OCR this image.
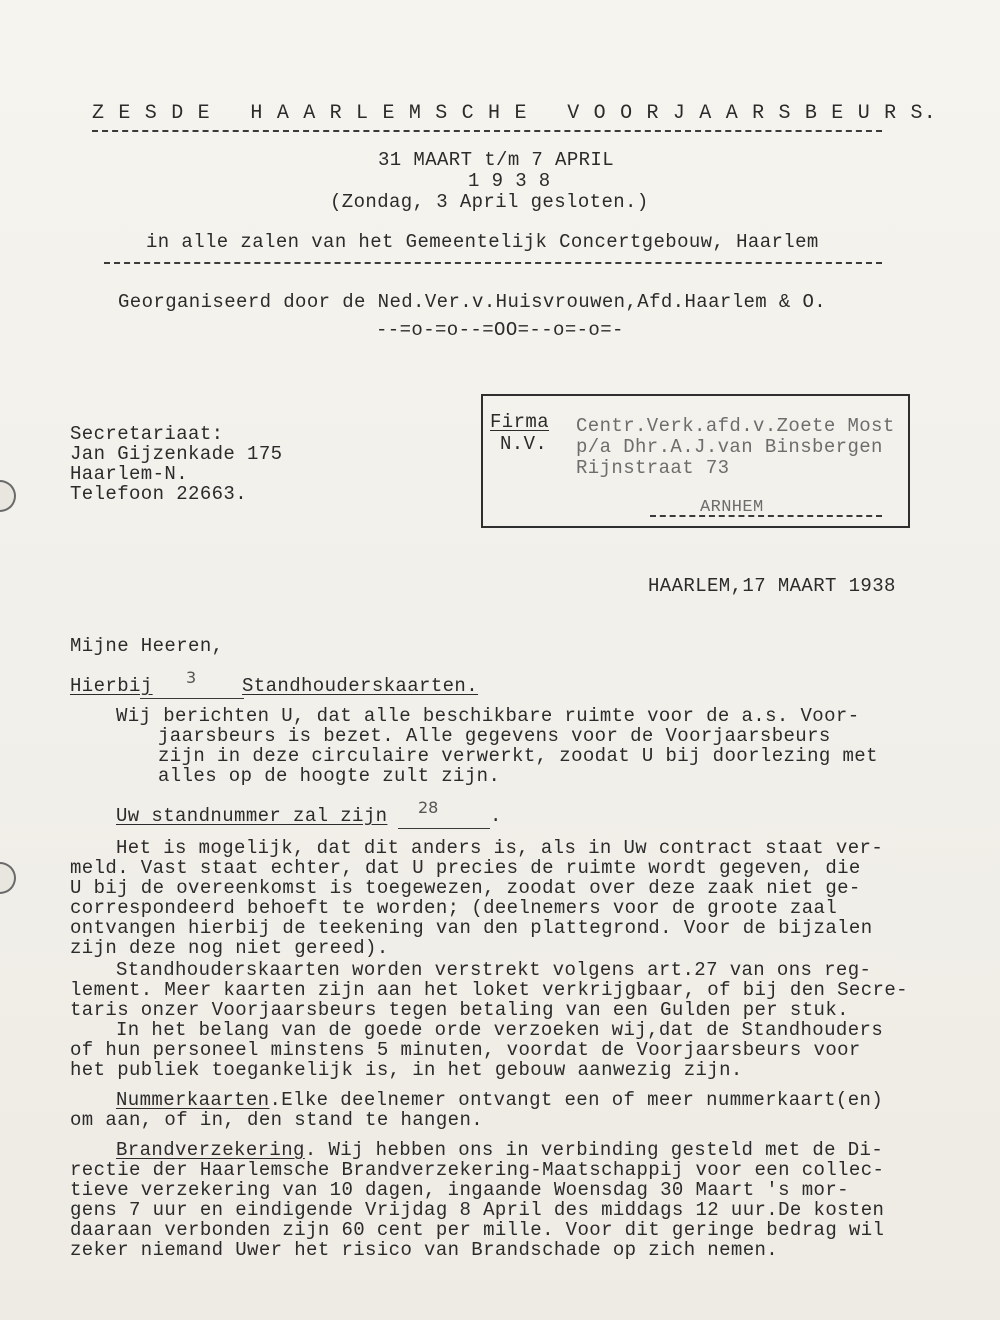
Z E S D E   H A A R L E M S C H E   V O O R J A A R S B E U R S.
31 MAART t/m 7 APRIL
1 9 3 8
(Zondag, 3 April gesloten.)
in alle zalen van het Gemeentelijk Concertgebouw, Haarlem
Georganiseerd door de Ned.Ver.v.Huisvrouwen,Afd.Haarlem & O.
--=o-=o--=OO=--o=-o=-
Secretariaat:
Jan Gijzenkade 175
Haarlem-N.
Telefoon 22663.
Firma
N.V.
Centr.Verk.afd.v.Zoete Most
p/a Dhr.A.J.van Binsbergen
Rijnstraat 73
ARNHEM
HAARLEM,17 MAART 1938
Mijne Heeren,
Hierbij 3 Standhouderskaarten.
Wij berichten U, dat alle beschikbare ruimte voor de a.s. Voor-
jaarsbeurs is bezet. Alle gegevens voor de Voorjaarsbeurs
zijn in deze circulaire verwerkt, zoodat U bij doorlezing met
alles op de hoogte zult zijn.
Uw standnummer zal zijn 28	.
Het is mogelijk, dat dit anders is, als in Uw contract staat ver-
meld. Vast staat echter, dat U precies de ruimte wordt gegeven, die
U bij de overeenkomst is toegewezen, zoodat over deze zaak niet ge-
correspondeerd behoeft te worden; (deelnemers voor de groote zaal
ontvangen hierbij de teekening van den plattegrond. Voor de bijzalen
zijn deze nog niet gereed).
Standhouderskaarten worden verstrekt volgens art.27 van ons reg-
lement. Meer kaarten zijn aan het loket verkrijgbaar, of bij den Secre-
taris onzer Voorjaarsbeurs tegen betaling van een Gulden per stuk.
In het belang van de goede orde verzoeken wij,dat de Standhouders
of hun personeel minstens 5 minuten, voordat de Voorjaarsbeurs voor
het publiek toegankelijk is, in het gebouw aanwezig zijn.
Nummerkaarten.Elke deelnemer ontvangt een of meer nummerkaart(en)
om aan, of in, den stand te hangen.
Brandverzekering. Wij hebben ons in verbinding gesteld met de Di-
rectie der Haarlemsche Brandverzekering-Maatschappij voor een collec-
tieve verzekering van 10 dagen, ingaande Woensdag 30 Maart 's mor-
gens 7 uur en eindigende Vrijdag 8 April des middags 12 uur.De kosten
daaraan verbonden zijn 60 cent per mille. Voor dit geringe bedrag wil
zeker niemand Uwer het risico van Brandschade op zich nemen.
